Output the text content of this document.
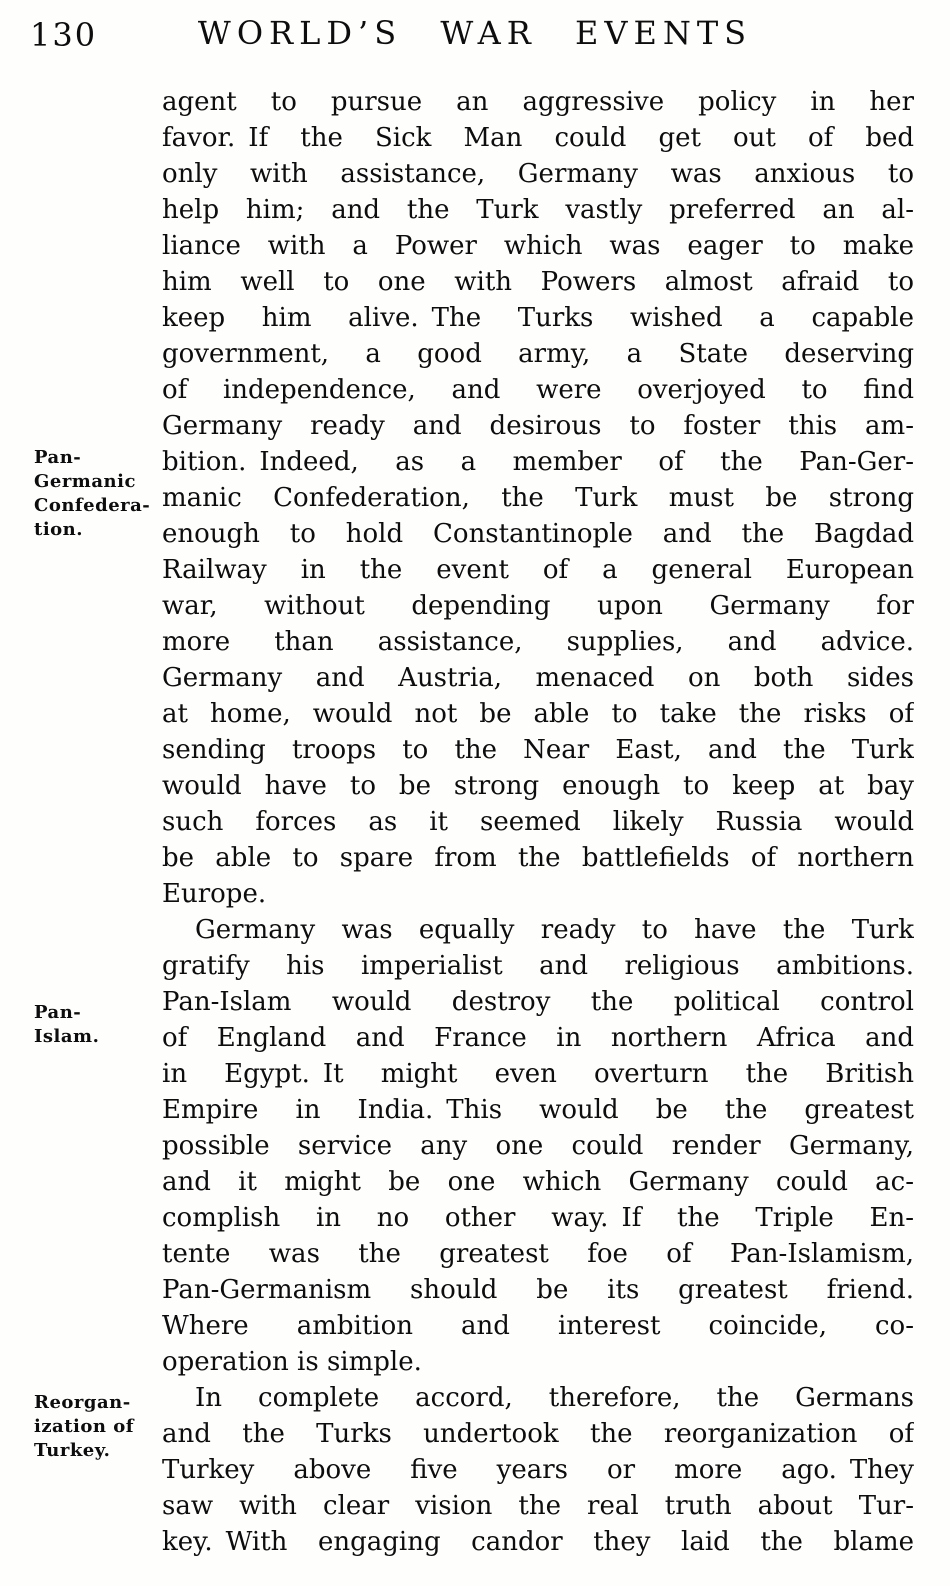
130	WORLD’S WAR EVENTS
Pan-
Germanic
Confedera-
tion.
Pan-
Islam.
Reorgan-
ization of
Turkey.
agent to pursue an aggressive policy in her
favor. If the Sick Man could get out of bed
only with assistance, Germany was anxious to
help him; and the Turk vastly preferred an al-
liance with a Power which was eager to make
him well to one with Powers almost afraid to
keep him alive. The Turks wished a capable
government, a good army, a State deserving
of independence, and were overjoyed to find
Germany ready and desirous to foster this am-
bition. Indeed, as a member of the Pan-Ger-
manic Confederation, the Turk must be strong
enough to hold Constantinople and the Bagdad
Railway in the event of a general European
war, without depending upon Germany for
more than assistance, supplies, and advice.
Germany and Austria, menaced on both sides
at home, would not be able to take the risks of
sending troops to the Near East, and the Turk
would have to be strong enough to keep at bay
such forces as it seemed likely Russia would
be able to spare from the battlefields of northern
Europe.
Germany was equally ready to have the Turk
gratify his imperialist and religious ambitions.
Pan-Islam would destroy the political control
of England and France in northern Africa and
in Egypt. It might even overturn the British
Empire in India. This would be the greatest
possible service any one could render Germany,
and it might be one which Germany could ac-
complish in no other way. If the Triple En-
tente was the greatest foe of Pan-Islamism,
Pan-Germanism should be its greatest friend.
Where ambition and interest coincide, co-
operation is simple.
In complete accord, therefore, the Germans
and the Turks undertook the reorganization of
Turkey above five years or more ago. They
saw with clear vision the real truth about Tur-
key. With engaging candor they laid the blame
